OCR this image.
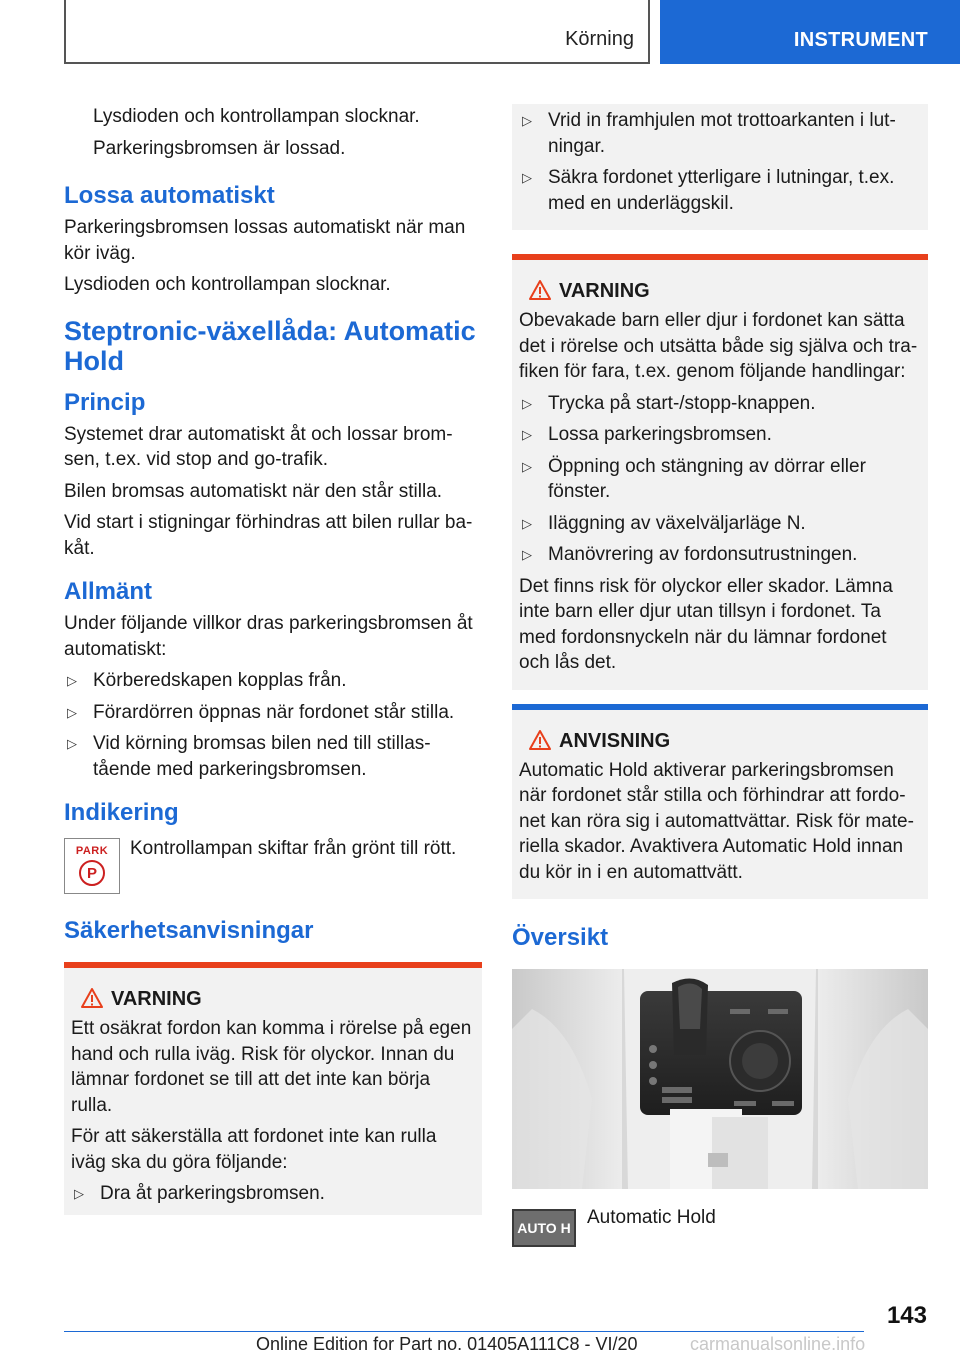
Körning	INSTRUMENT

Lysdioden och kontrollampan slocknar.

Parkeringsbromsen är lossad.

Lossa automatiskt

Parkeringsbromsen lossas automatiskt när man kör iväg.

Lysdioden och kontrollampan slocknar.

Steptronic-växellåda: Automatic Hold
Princip

Systemet drar automatiskt åt och lossar brom-sen, t.ex. vid stop and go-trafik.

Bilen bromsas automatiskt när den står stilla.

Vid start i stigningar förhindras att bilen rullar ba-kåt.

Allmänt

Under följande villkor dras parkeringsbromsen åt automatiskt:

▷ Körberedskapen kopplas från.
▷ Förardörren öppnas när fordonet står stilla.
▷ Vid körning bromsas bilen ned till stillas-tående med parkeringsbromsen.
Indikering
PARK
P

Kontrollampan skiftar från grönt till rött.

Säkerhetsanvisningar
VARNING

Ett osäkrat fordon kan komma i rörelse på egen hand och rulla iväg. Risk för olyckor. Innan du lämnar fordonet se till att det inte kan börja rulla.

För att säkerställa att fordonet inte kan rulla iväg ska du göra följande:

▷ Dra åt parkeringsbromsen.
▷ Vrid in framhjulen mot trottoarkanten i lut-ningar.
▷ Säkra fordonet ytterligare i lutningar, t.ex. med en underläggskil.
VARNING

Obevakade barn eller djur i fordonet kan sätta det i rörelse och utsätta både sig själva och tra-fiken för fara, t.ex. genom följande handlingar:

▷ Trycka på start-/stopp-knappen.
▷ Lossa parkeringsbromsen.
▷ Öppning och stängning av dörrar eller fönster.
▷ Iläggning av växelväljarläge N.
▷ Manövrering av fordonsutrustningen.

Det finns risk för olyckor eller skador. Lämna inte barn eller djur utan tillsyn i fordonet. Ta med fordonsnyckeln när du lämnar fordonet och lås det.

ANVISNING

Automatic Hold aktiverar parkeringsbromsen när fordonet står stilla och förhindrar att fordo-net kan röra sig i automattvättar. Risk för mate-riella skador. Avaktivera Automatic Hold innan du kör in i en automattvätt.

Översikt
AUTO H Automatic Hold
143
Online Edition for Part no. 01405A111C8 - VI/20	carmanualsonline.info
